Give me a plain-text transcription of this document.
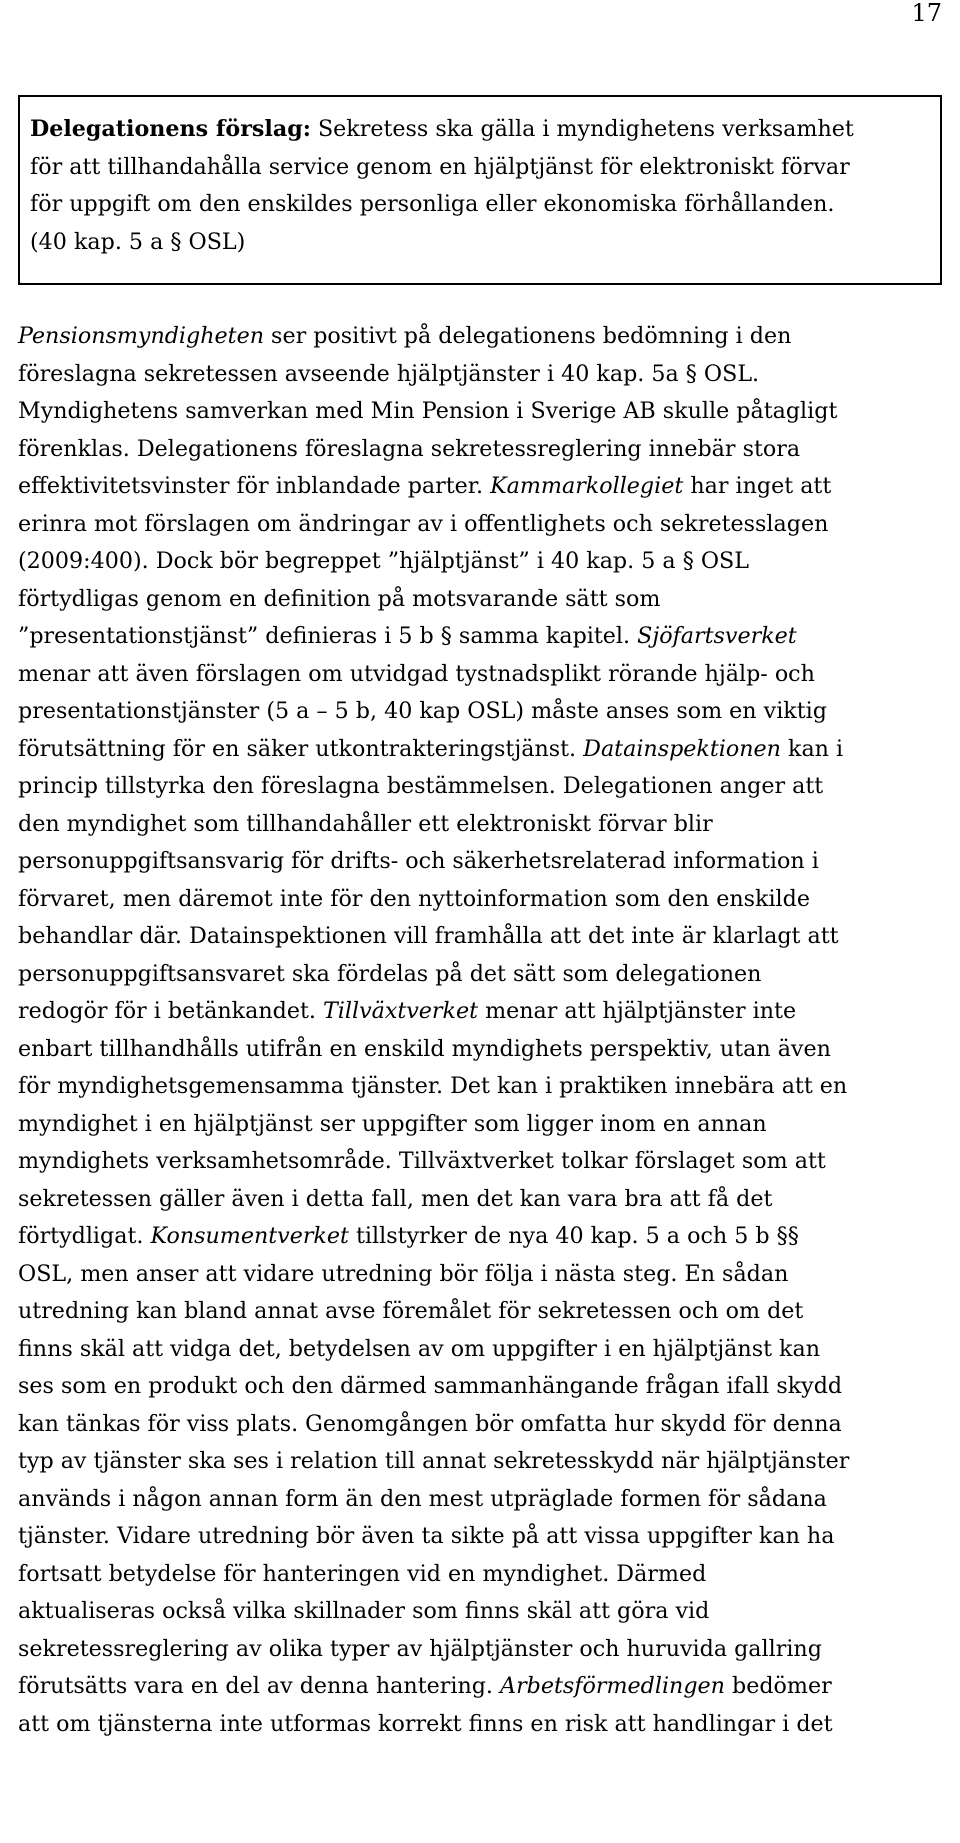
17
Delegationens förslag: Sekretess ska gälla i myndighetens verksamhet
för att tillhandahålla service genom en hjälptjänst för elektroniskt förvar
för uppgift om den enskildes personliga eller ekonomiska förhållanden.
(40 kap. 5 a § OSL)
Pensionsmyndigheten ser positivt på delegationens bedömning i den
föreslagna sekretessen avseende hjälptjänster i 40 kap. 5a § OSL.
Myndighetens samverkan med Min Pension i Sverige AB skulle påtagligt
förenklas. Delegationens föreslagna sekretessreglering innebär stora
effektivitetsvinster för inblandade parter. Kammarkollegiet har inget att
erinra mot förslagen om ändringar av i offentlighets och sekretesslagen
(2009:400). Dock bör begreppet ”hjälptjänst” i 40 kap. 5 a § OSL
förtydligas genom en definition på motsvarande sätt som
”presentationstjänst” definieras i 5 b § samma kapitel. Sjöfartsverket
menar att även förslagen om utvidgad tystnadsplikt rörande hjälp- och
presentationstjänster (5 a – 5 b, 40 kap OSL) måste anses som en viktig
förutsättning för en säker utkontrakteringstjänst. Datainspektionen kan i
princip tillstyrka den föreslagna bestämmelsen. Delegationen anger att
den myndighet som tillhandahåller ett elektroniskt förvar blir
personuppgiftsansvarig för drifts- och säkerhetsrelaterad information i
förvaret, men däremot inte för den nyttoinformation som den enskilde
behandlar där. Datainspektionen vill framhålla att det inte är klarlagt att
personuppgiftsansvaret ska fördelas på det sätt som delegationen
redogör för i betänkandet. Tillväxtverket menar att hjälptjänster inte
enbart tillhandhålls utifrån en enskild myndighets perspektiv, utan även
för myndighetsgemensamma tjänster. Det kan i praktiken innebära att en
myndighet i en hjälptjänst ser uppgifter som ligger inom en annan
myndighets verksamhetsområde. Tillväxtverket tolkar förslaget som att
sekretessen gäller även i detta fall, men det kan vara bra att få det
förtydligat. Konsumentverket tillstyrker de nya 40 kap. 5 a och 5 b §§
OSL, men anser att vidare utredning bör följa i nästa steg. En sådan
utredning kan bland annat avse föremålet för sekretessen och om det
finns skäl att vidga det, betydelsen av om uppgifter i en hjälptjänst kan
ses som en produkt och den därmed sammanhängande frågan ifall skydd
kan tänkas för viss plats. Genomgången bör omfatta hur skydd för denna
typ av tjänster ska ses i relation till annat sekretesskydd när hjälptjänster
används i någon annan form än den mest utpräglade formen för sådana
tjänster. Vidare utredning bör även ta sikte på att vissa uppgifter kan ha
fortsatt betydelse för hanteringen vid en myndighet. Därmed
aktualiseras också vilka skillnader som finns skäl att göra vid
sekretessreglering av olika typer av hjälptjänster och huruvida gallring
förutsätts vara en del av denna hantering. Arbetsförmedlingen bedömer
att om tjänsterna inte utformas korrekt finns en risk att handlingar i det
